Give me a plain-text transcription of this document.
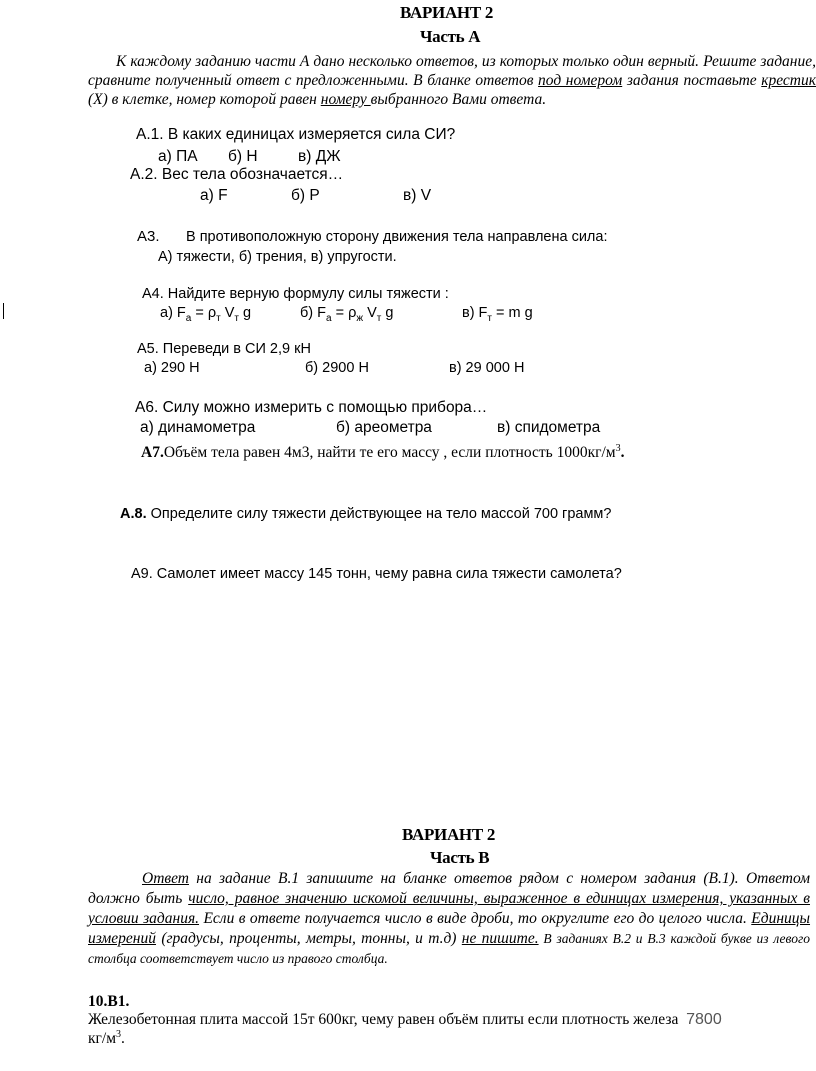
ВАРИАНТ 2
Часть А
К каждому заданию части А дано несколько ответов, из которых только один верный. Решите задание, сравните полученный ответ с предложенными. В бланке ответов под номером задания поставьте крестик (Х) в клетке, номер которой равен номеру выбранного Вами ответа.
А.1. В каких единицах измеряется сила СИ?
а) ПА б) Н	в) ДЖ
А.2. Вес тела обозначается…
а) F	б) Р	в) V
А3. В противоположную сторону движения тела направлена сила:
А) тяжести, б) трения, в) упругости.
А4. Найдите верную формулу силы тяжести :
а) $F_а = \rho_т$ $V_т$ g	б) $F_а = \rho_ж$ $V_т$ g	в) $F_т = m$ g
А5. Переведи в СИ 2,9 кН
а) 290 Н	б) 2900 Н	в) 29 000 Н
А6. Силу можно измерить с помощью прибора…
а) динамометра	б) ареометра	в) спидометра
А7.Объём тела равен 4м3, найти те его массу , если плотность $1000кг/м^3$.
А.8. Определите силу тяжести действующее на тело массой 700 грамм?
А9. Самолет имеет массу 145 тонн, чему равна сила тяжести самолета?
ВАРИАНТ 2
Часть В
Ответ на задание В.1 запишите на бланке ответов рядом с номером задания (В.1). Ответом должно быть число, равное значению искомой величины, выраженное в единицах измерения, указанных в условии задания. Если в ответе получается число в виде дроби, то округлите его до целого числа. Единицы измерений (градусы, проценты, метры, тонны, и т.д) не пишите. В заданиях В.2 и В.3 каждой букве из левого столбца соответствует число из правого столбца.
10.В1.
Железобетонная плита массой 15т 600кг, чему равен объём плиты если плотность железа 7800
$кг/м^3$.
